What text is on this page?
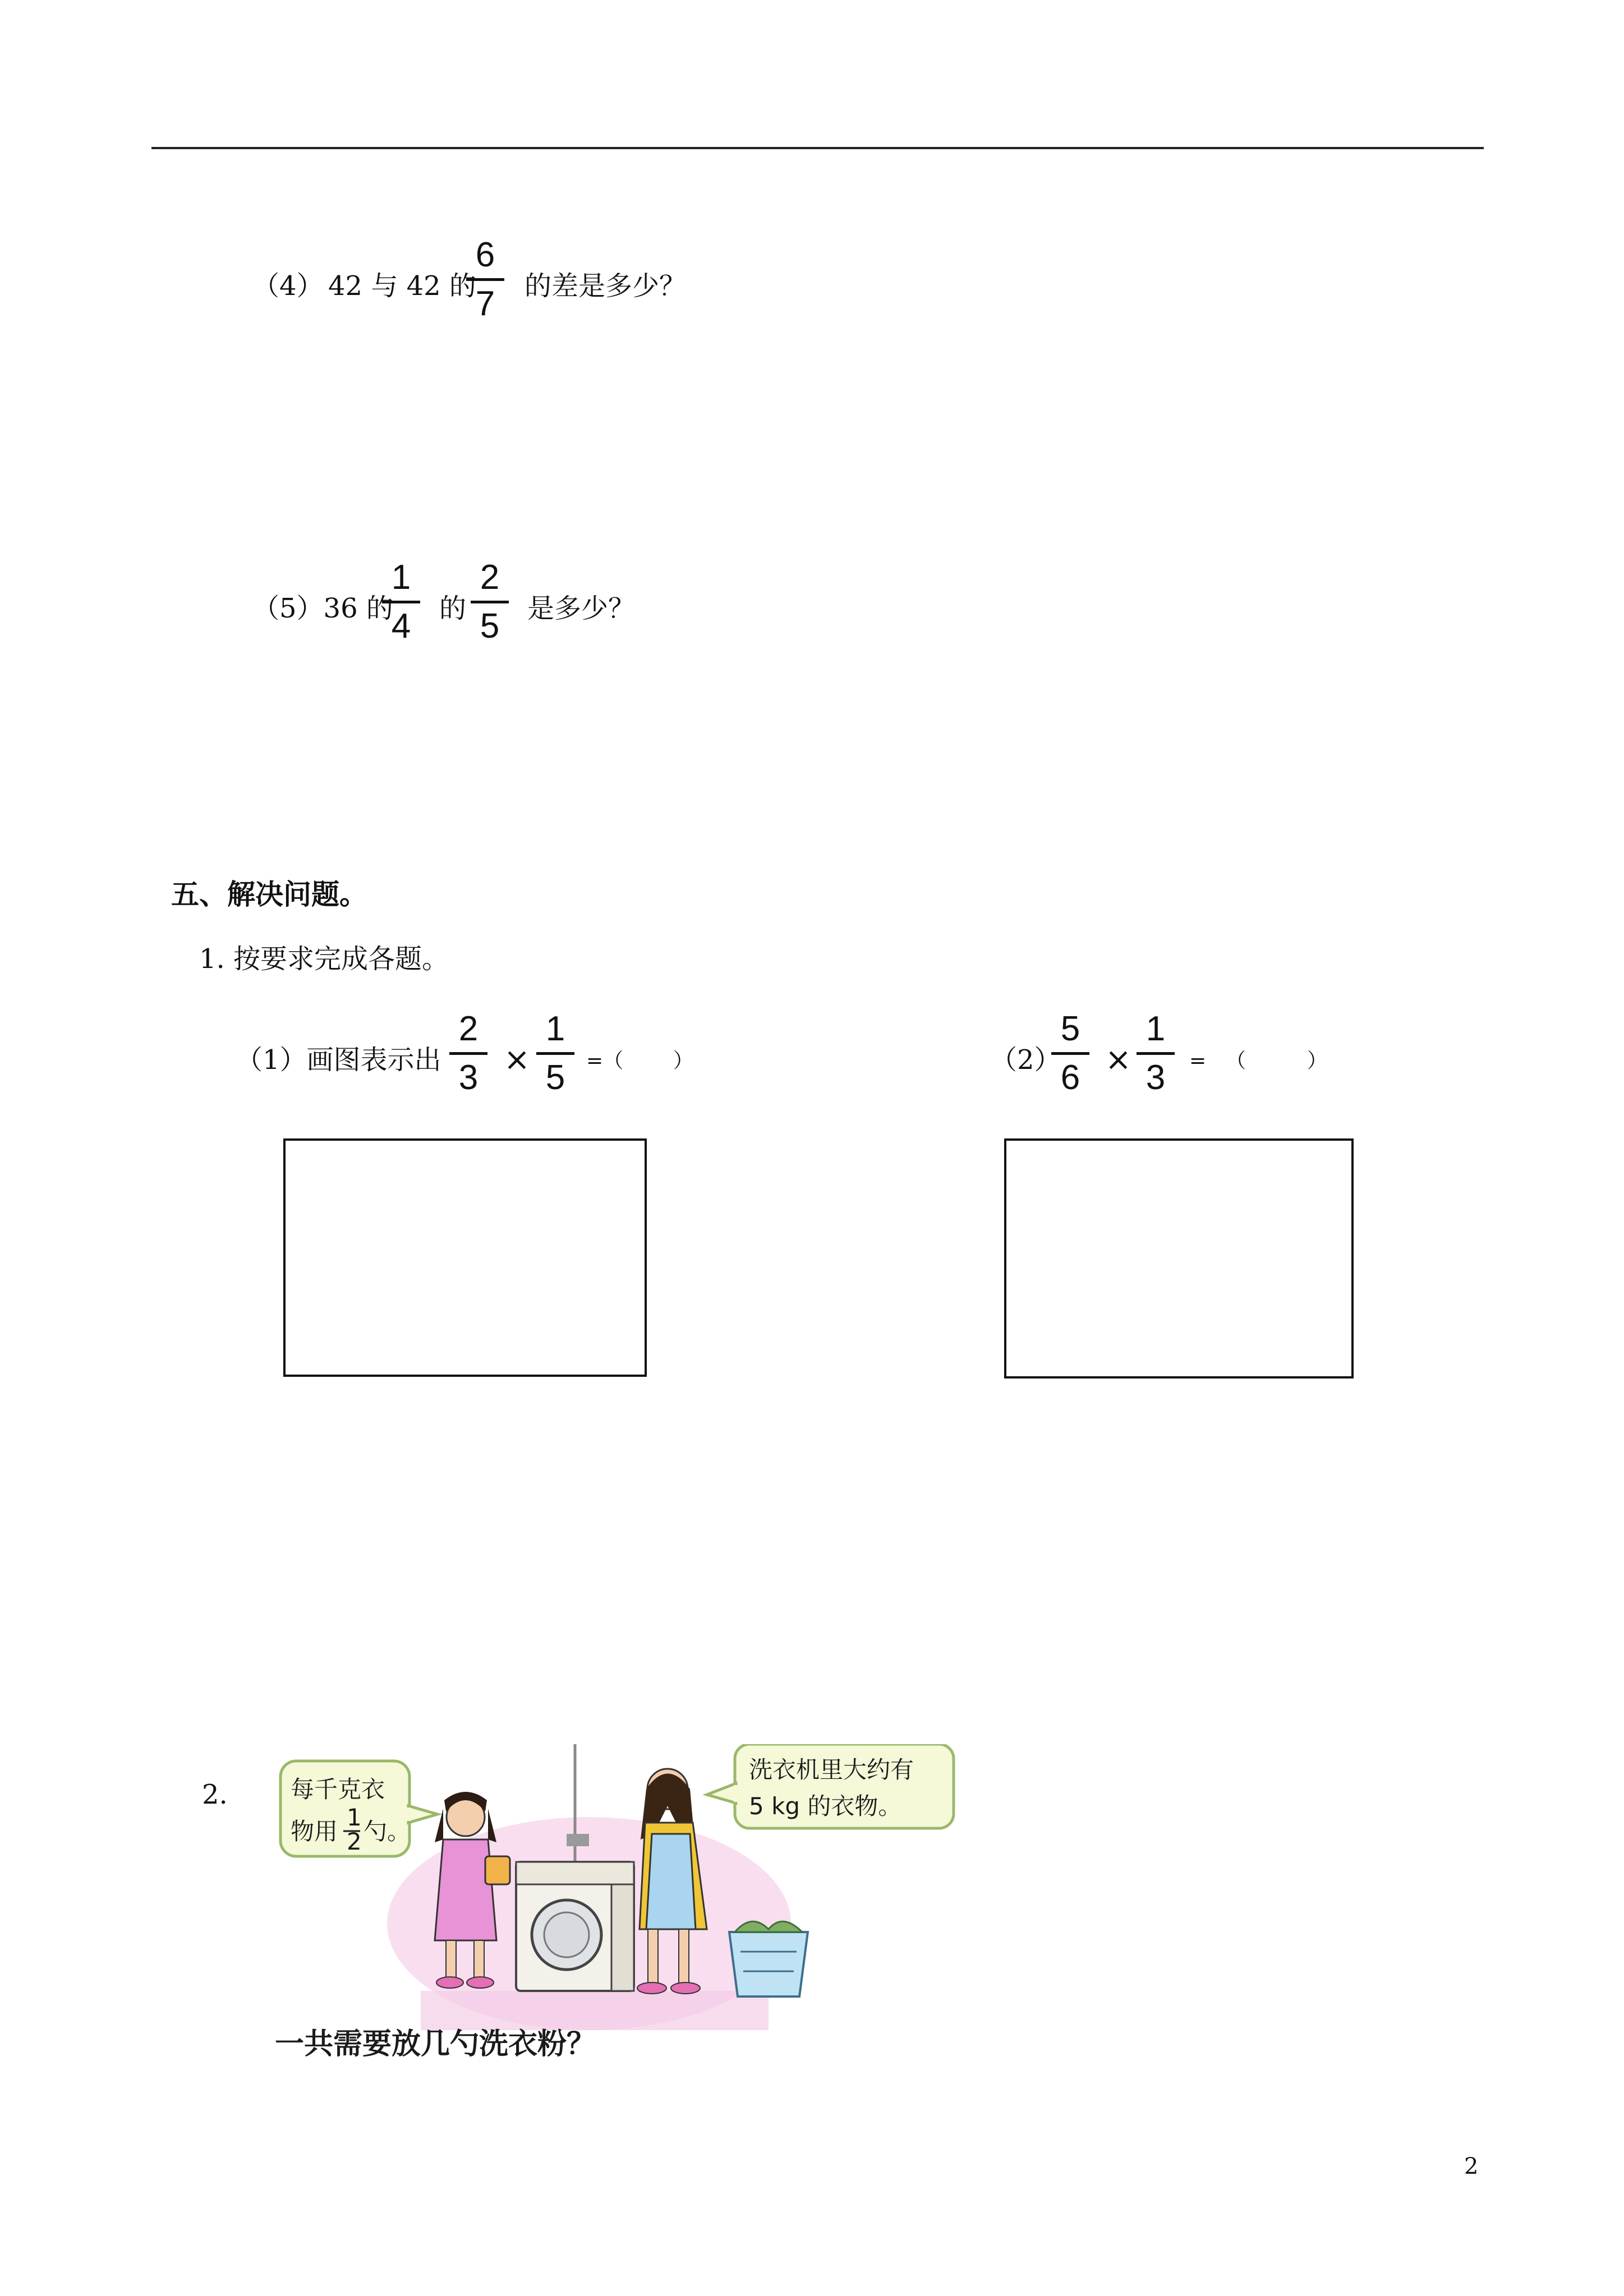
（4） 42 与 42 的
6
7	的差是多少？
（5）36 的
1
4	的
2
5	是多少？
五、解决问题。
1. 按要求完成各题。
（1）画图表示出
2
3 ×
1
5	=（ ）	（2）
5
6 ×
1
3	= （	）
2.	每千克衣
物用
1
2 勺。
洗衣机里大约有
5 kg 的衣物。
一共需要放几勺洗衣粉？
2
